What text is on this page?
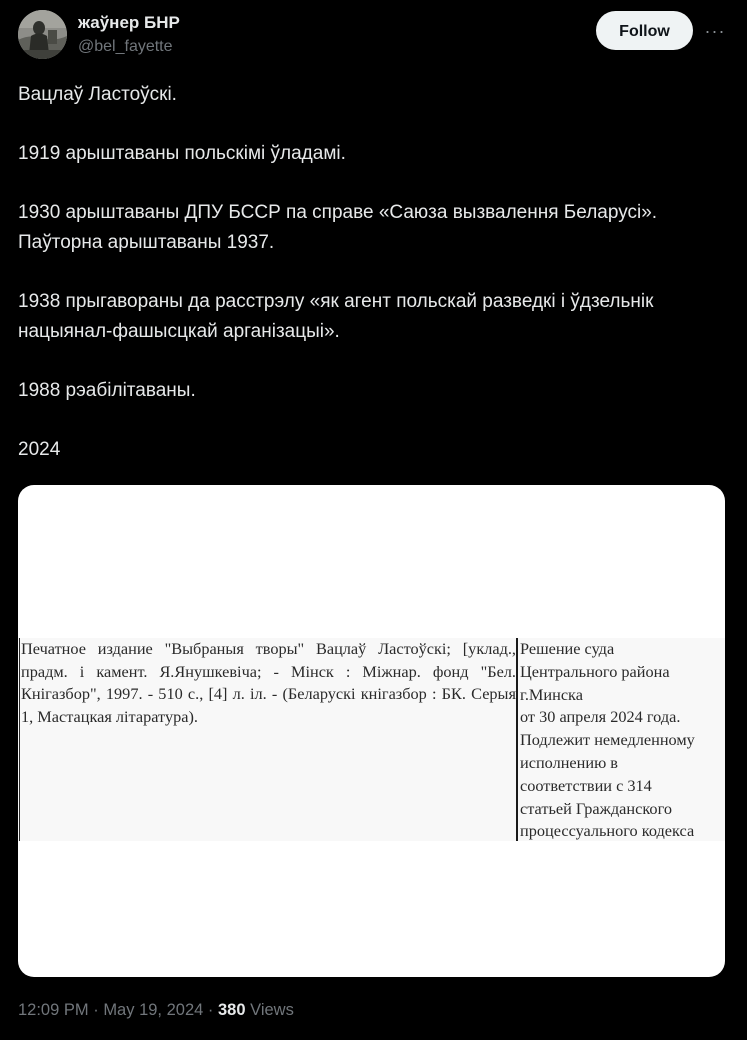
жаўнер БНР
@bel_fayette
Follow	···

Вацлаў Ластоўскі.

1919 арыштаваны польскімі ўладамі.

1930 арыштаваны ДПУ БССР па справе «Саюза вызвалення Беларусі».

Паўторна арыштаваны 1937.

1938 прыгавораны да расстрэлу «як агент польскай разведкі і ўдзельнік

нацыянал-фашысцкай арганізацыі».

1988 рэабілітаваны.

2024

Печатное издание "Выбраныя творы" Вацлаў Ластоўскі; [уклад., прадм. і камент. Я.Янушкевіча; - Мінск : Міжнар. фонд "Бел. Кнігазбор", 1997. - 510 с., [4] л. іл. - (Беларускі кнігазбор : БК. Серыя 1, Мастацкая літаратура).

Решение суда

Центрального района

г.Минска

от 30 апреля 2024 года.

Подлежит немедленному

исполнению в

соответствии с 314

статьей Гражданского

процессуального кодекса

12:09 PM · May 19, 2024 · 380 Views
